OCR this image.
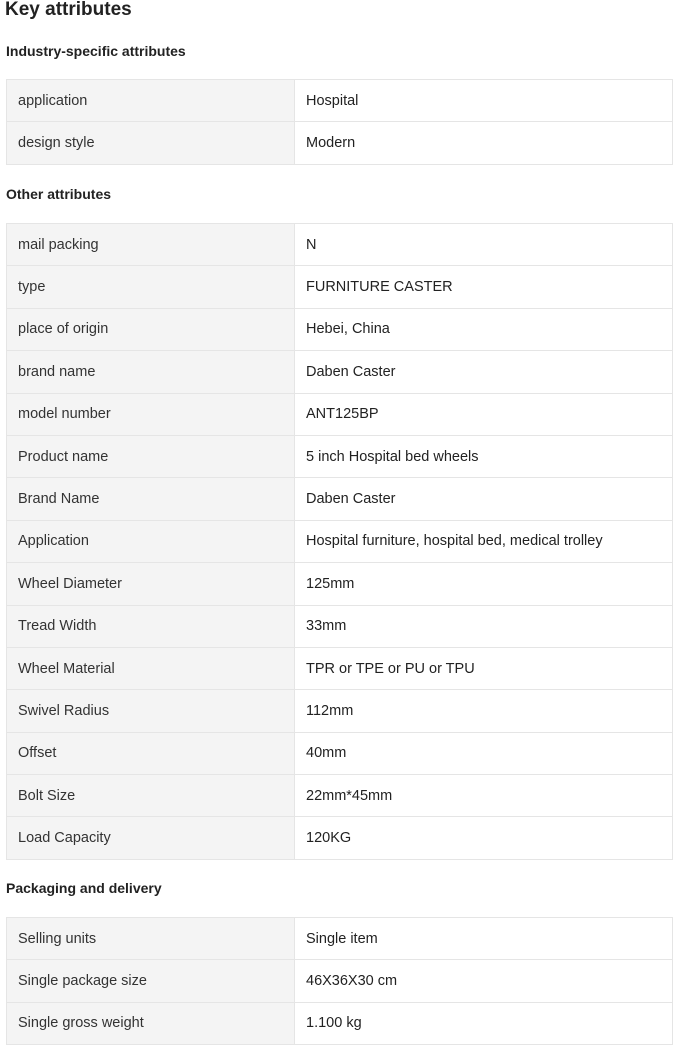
Key attributes
Industry-specific attributes
application	Hospital
design style	Modern
Other attributes
mail packing	N
type	FURNITURE CASTER
place of origin	Hebei, China
brand name	Daben Caster
model number	ANT125BP
Product name	5 inch Hospital bed wheels
Brand Name	Daben Caster
Application	Hospital furniture, hospital bed, medical trolley
Wheel Diameter	125mm
Tread Width	33mm
Wheel Material	TPR or TPE or PU or TPU
Swivel Radius	112mm
Offset	40mm
Bolt Size	22mm*45mm
Load Capacity	120KG
Packaging and delivery
Selling units	Single item
Single package size	46X36X30 cm
Single gross weight	1.100 kg
